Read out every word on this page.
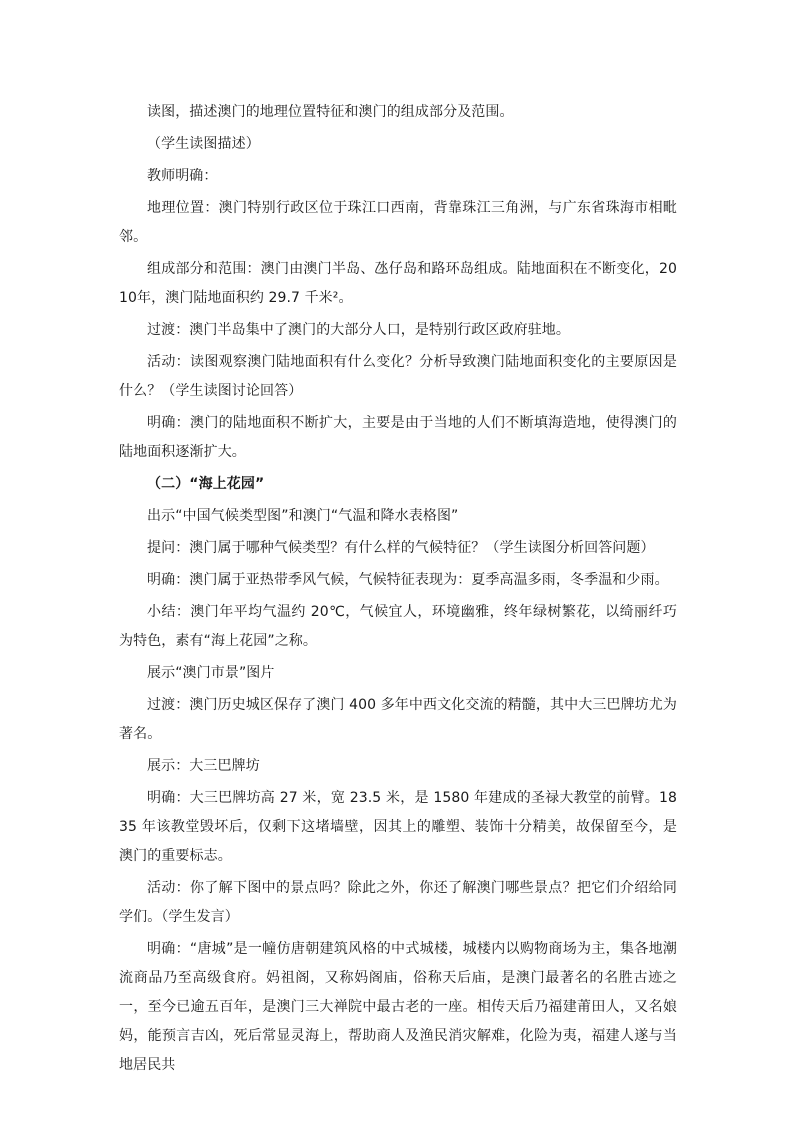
读图，描述澳门的地理位置特征和澳门的组成部分及范围。

（学生读图描述）

教师明确：

地理位置：澳门特别行政区位于珠江口西南，背靠珠江三角洲，与广东省珠海市相毗邻。

组成部分和范围：澳门由澳门半岛、氹仔岛和路环岛组成。陆地面积在不断变化，2010年，澳门陆地面积约 29.7 千米²。

过渡：澳门半岛集中了澳门的大部分人口，是特别行政区政府驻地。

活动：读图观察澳门陆地面积有什么变化？分析导致澳门陆地面积变化的主要原因是什么？（学生读图讨论回答）

明确：澳门的陆地面积不断扩大，主要是由于当地的人们不断填海造地，使得澳门的陆地面积逐渐扩大。

（二）“海上花园”

出示“中国气候类型图”和澳门“气温和降水表格图”

提问：澳门属于哪种气候类型？有什么样的气候特征？（学生读图分析回答问题）

明确：澳门属于亚热带季风气候，气候特征表现为：夏季高温多雨，冬季温和少雨。

小结：澳门年平均气温约 20℃，气候宜人，环境幽雅，终年绿树繁花，以绮丽纤巧为特色，素有“海上花园”之称。

展示“澳门市景”图片

过渡：澳门历史城区保存了澳门 400 多年中西文化交流的精髓，其中大三巴牌坊尤为著名。

展示：大三巴牌坊

明确：大三巴牌坊高 27 米，宽 23.5 米，是 1580 年建成的圣禄大教堂的前臂。1835 年该教堂毁坏后，仅剩下这堵墙壁，因其上的雕塑、装饰十分精美，故保留至今，是澳门的重要标志。

活动：你了解下图中的景点吗？除此之外，你还了解澳门哪些景点？把它们介绍给同学们。（学生发言）

明确：“唐城”是一幢仿唐朝建筑风格的中式城楼，城楼内以购物商场为主，集各地潮流商品乃至高级食府。妈祖阁，又称妈阁庙，俗称天后庙，是澳门最著名的名胜古迹之一，至今已逾五百年，是澳门三大禅院中最古老的一座。相传天后乃福建莆田人，又名娘妈，能预言吉凶，死后常显灵海上，帮助商人及渔民消灾解难，化险为夷，福建人遂与当地居民共
